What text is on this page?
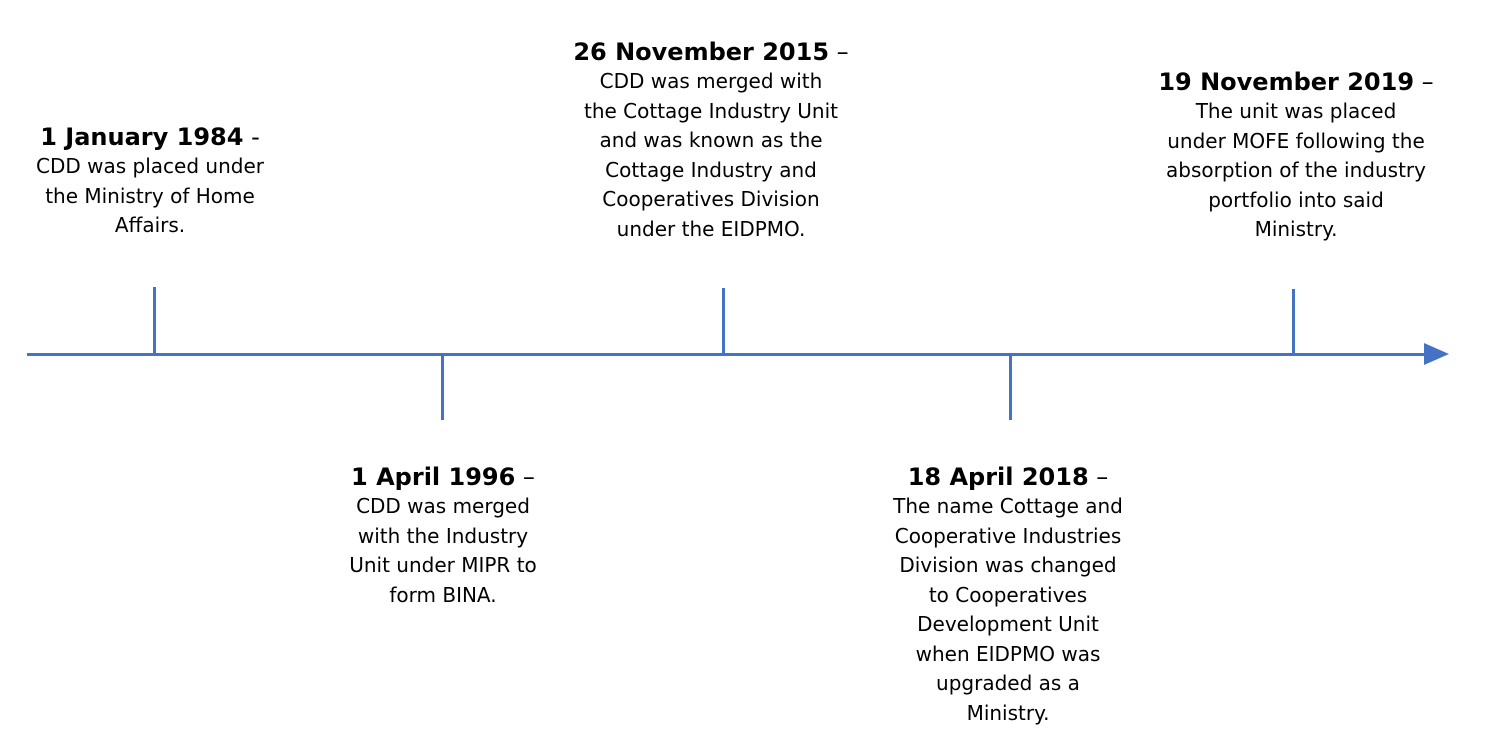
1 January 1984 -
CDD was placed under
the Ministry of Home
Affairs.
26 November 2015 –
CDD was merged with
the Cottage Industry Unit
and was known as the
Cottage Industry and
Cooperatives Division
under the EIDPMO.
19 November 2019 –
The unit was placed
under MOFE following the
absorption of the industry
portfolio into said
Ministry.
1 April 1996 –
CDD was merged
with the Industry
Unit under MIPR to
form BINA.
18 April 2018 –
The name Cottage and
Cooperative Industries
Division was changed
to Cooperatives
Development Unit
when EIDPMO was
upgraded as a
Ministry.
